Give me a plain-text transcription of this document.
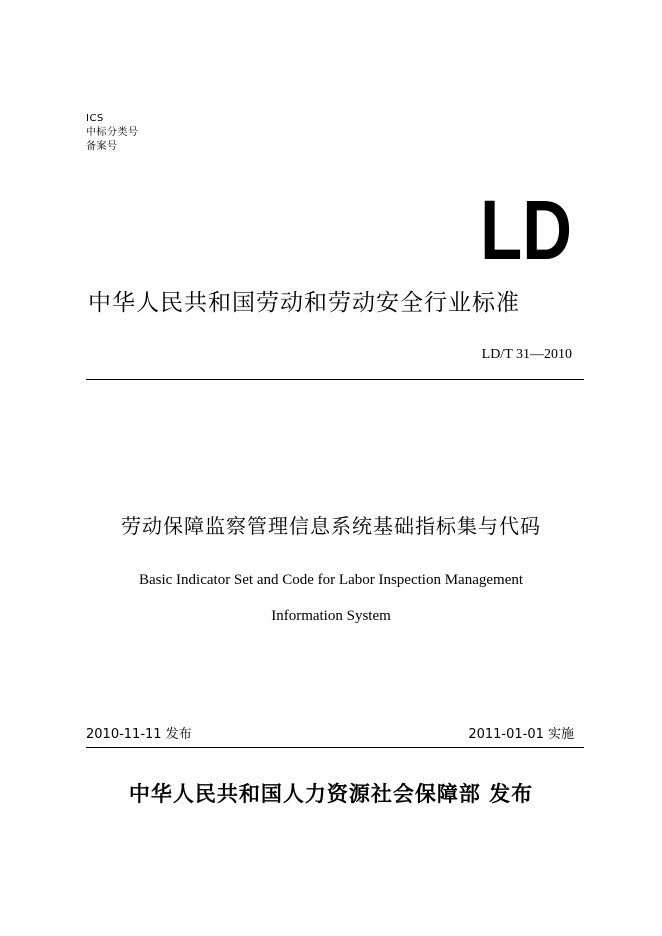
ICS
中标分类号
备案号
LD
中华人民共和国劳动和劳动安全行业标准
LD/T 31—2010
劳动保障监察管理信息系统基础指标集与代码
Basic Indicator Set and Code for Labor Inspection Management
Information System
2010-11-11 发布	2011-01-01 实施
中华人民共和国人力资源社会保障部 发布
